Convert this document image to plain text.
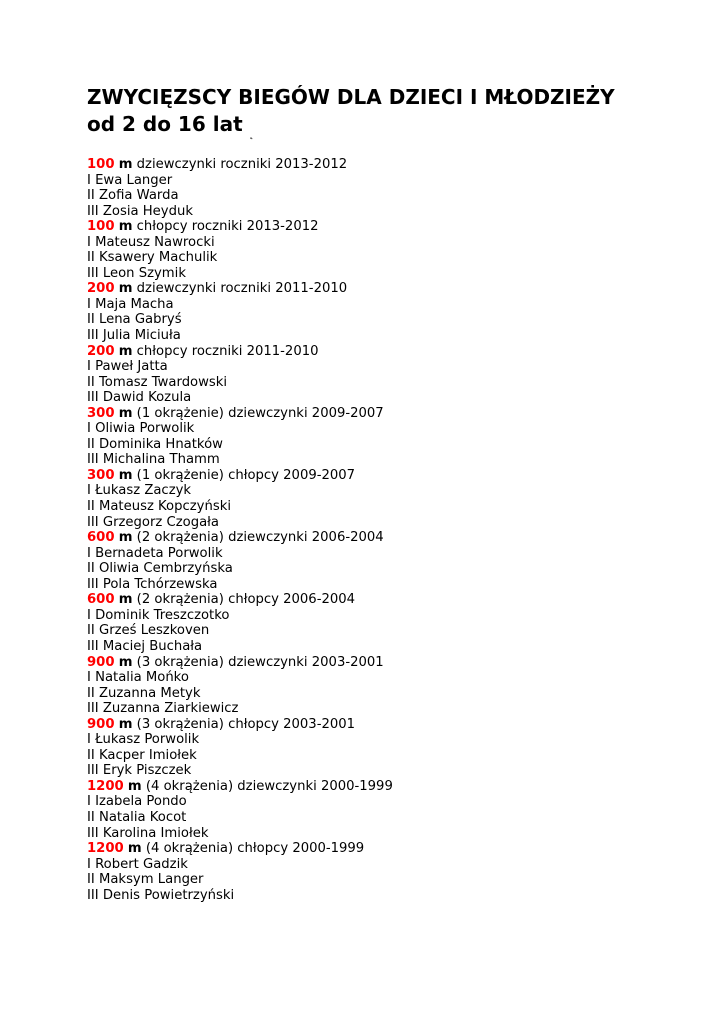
ZWYCIĘZSCY BIEGÓW DLA DZIECI I MŁODZIEŻY
od 2 do 16 lat $_˛$
100 m dziewczynki roczniki 2013-2012
I Ewa Langer
II Zofia Warda
III Zosia Heyduk
100 m chłopcy roczniki 2013-2012
I Mateusz Nawrocki
II Ksawery Machulik
III Leon Szymik
200 m dziewczynki roczniki 2011-2010
I Maja Macha
II Lena Gabryś
III Julia Miciuła
200 m chłopcy roczniki 2011-2010
I Paweł Jatta
II Tomasz Twardowski
III Dawid Kozula
300 m (1 okrążenie) dziewczynki 2009-2007
I Oliwia Porwolik
II Dominika Hnatków
III Michalina Thamm
300 m (1 okrążenie) chłopcy 2009-2007
I Łukasz Zaczyk
II Mateusz Kopczyński
III Grzegorz Czogała
600 m (2 okrążenia) dziewczynki 2006-2004
I Bernadeta Porwolik
II Oliwia Cembrzyńska
III Pola Tchórzewska
600 m (2 okrążenia) chłopcy 2006-2004
I Dominik Treszczotko
II Grześ Leszkoven
III Maciej Buchała
900 m (3 okrążenia) dziewczynki 2003-2001
I Natalia Mońko
II Zuzanna Metyk
III Zuzanna Ziarkiewicz
900 m (3 okrążenia) chłopcy 2003-2001
I Łukasz Porwolik
II Kacper Imiołek
III Eryk Piszczek
1200 m (4 okrążenia) dziewczynki 2000-1999
I Izabela Pondo
II Natalia Kocot
III Karolina Imiołek
1200 m (4 okrążenia) chłopcy 2000-1999
I Robert Gadzik
II Maksym Langer
III Denis Powietrzyński
